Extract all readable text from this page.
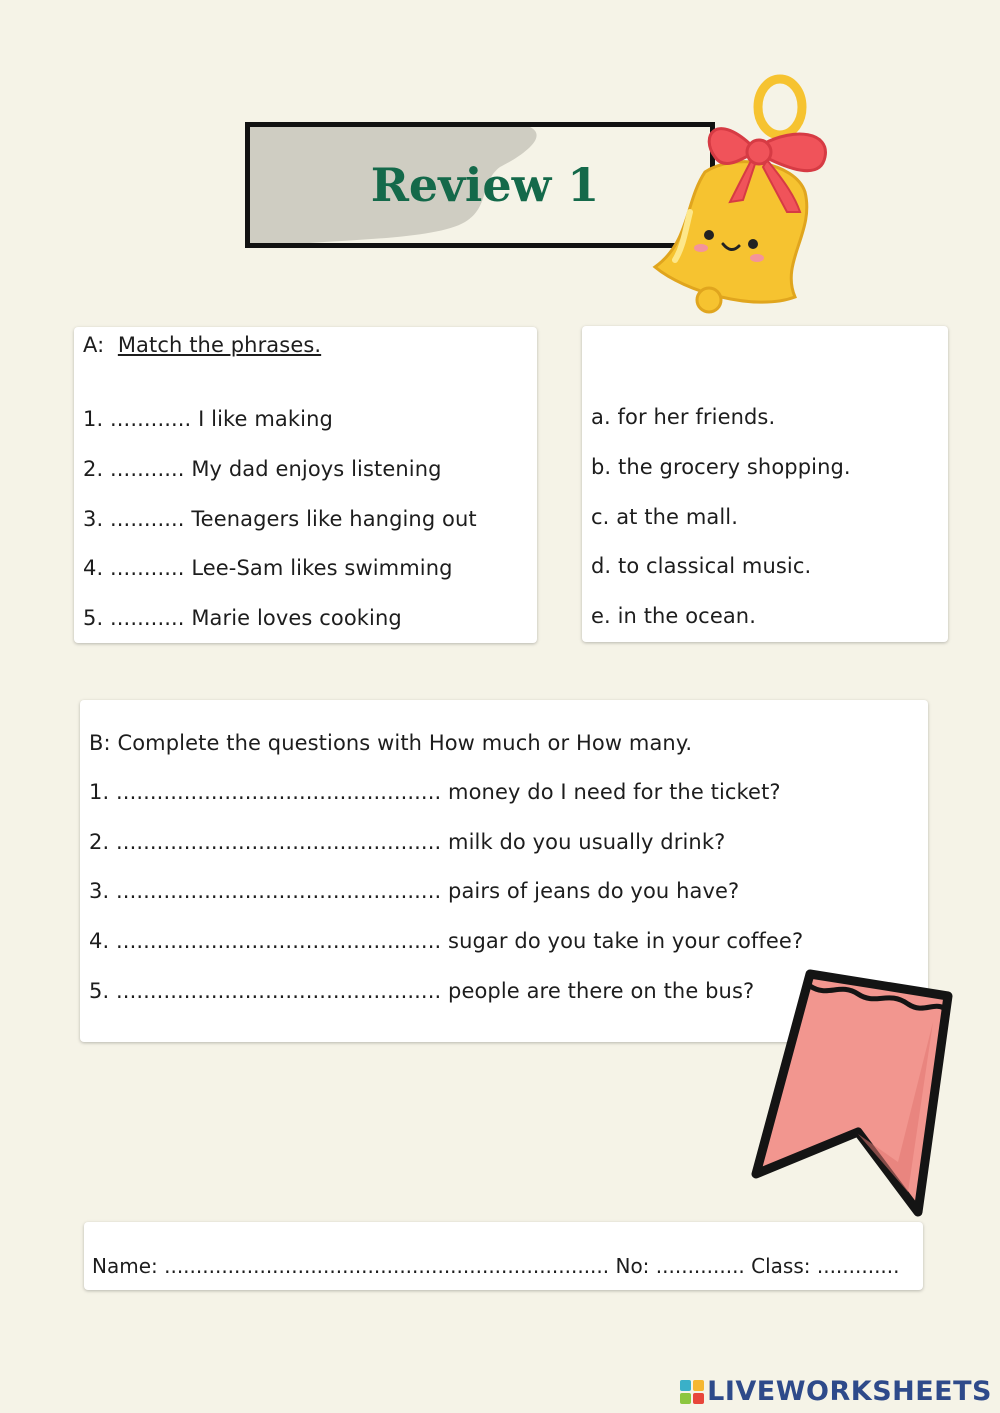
Review 1
A: Match the phrases.
1. ............ I like making
2. ........... My dad enjoys listening
3. ........... Teenagers like hanging out
4. ........... Lee-Sam likes swimming
5. ........... Marie loves cooking
a. for her friends.
b. the grocery shopping.
c. at the mall.
d. to classical music.
e. in the ocean.
B: Complete the questions with How much or How many.
1. ................................................ money do I need for the ticket?
2. ................................................ milk do you usually drink?
3. ................................................ pairs of jeans do you have?
4. ................................................ sugar do you take in your coffee?
5. ................................................ people are there on the bus?
Name: ...................................................................... No: .............. Class: .............
LIVEWORKSHEETS
